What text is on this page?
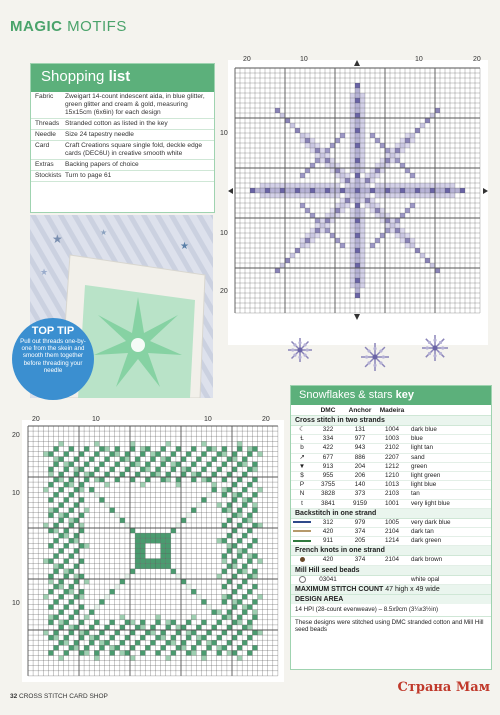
MAGIC MOTIFS
Shopping list
Fabric	Zweigart 14-count indescent aida, in blue glitter, green glitter and cream & gold, measuring 15x15cm (6x6in) for each design
Threads Stranded cotton as listed in the key
Needle	Size 24 tapestry needle
Card	Craft Creations square single fold, deckle edge cards (DEC6U) in creative smooth white
Extras	Backing papers of choice
Stockists Turn to page 61
★	★
★
★
TOP TIP
Pull out threads one-by-one from the skein and smooth them together before threading your needle
20	10	10	20
10
10
20
20	10	10	20
20
10
10
Snowflakes & stars key
DMC	Anchor	Madeira
Cross stitch in two strands
☾	322	131	1004	dark blue
Ɫ	334	977	1003	blue
b	422	943	2102	light tan
↗	677	886	2207	sand
▼	913	204	1212	green
$	955	206	1210	light green
P	3755	140	1013	light blue
N	3828	373	2103	tan
t	3841	9159	1001	very light blue
Backstitch in one strand
312	979	1005	very dark blue
420	374	2104	dark tan
911	205	1214	dark green
French knots in one strand
420	374	2104	dark brown
Mill Hill seed beads
03041	white opal
MAXIMUM STITCH COUNT 47 high x 49 wide
DESIGN AREA
14 HPI (28-count evenweave) – 8.5x9cm (3¼x3½in)
These designs were stitched using DMC stranded cotton and Mill Hill seed beads
32 CROSS STITCH CARD SHOP
Страна Мам
